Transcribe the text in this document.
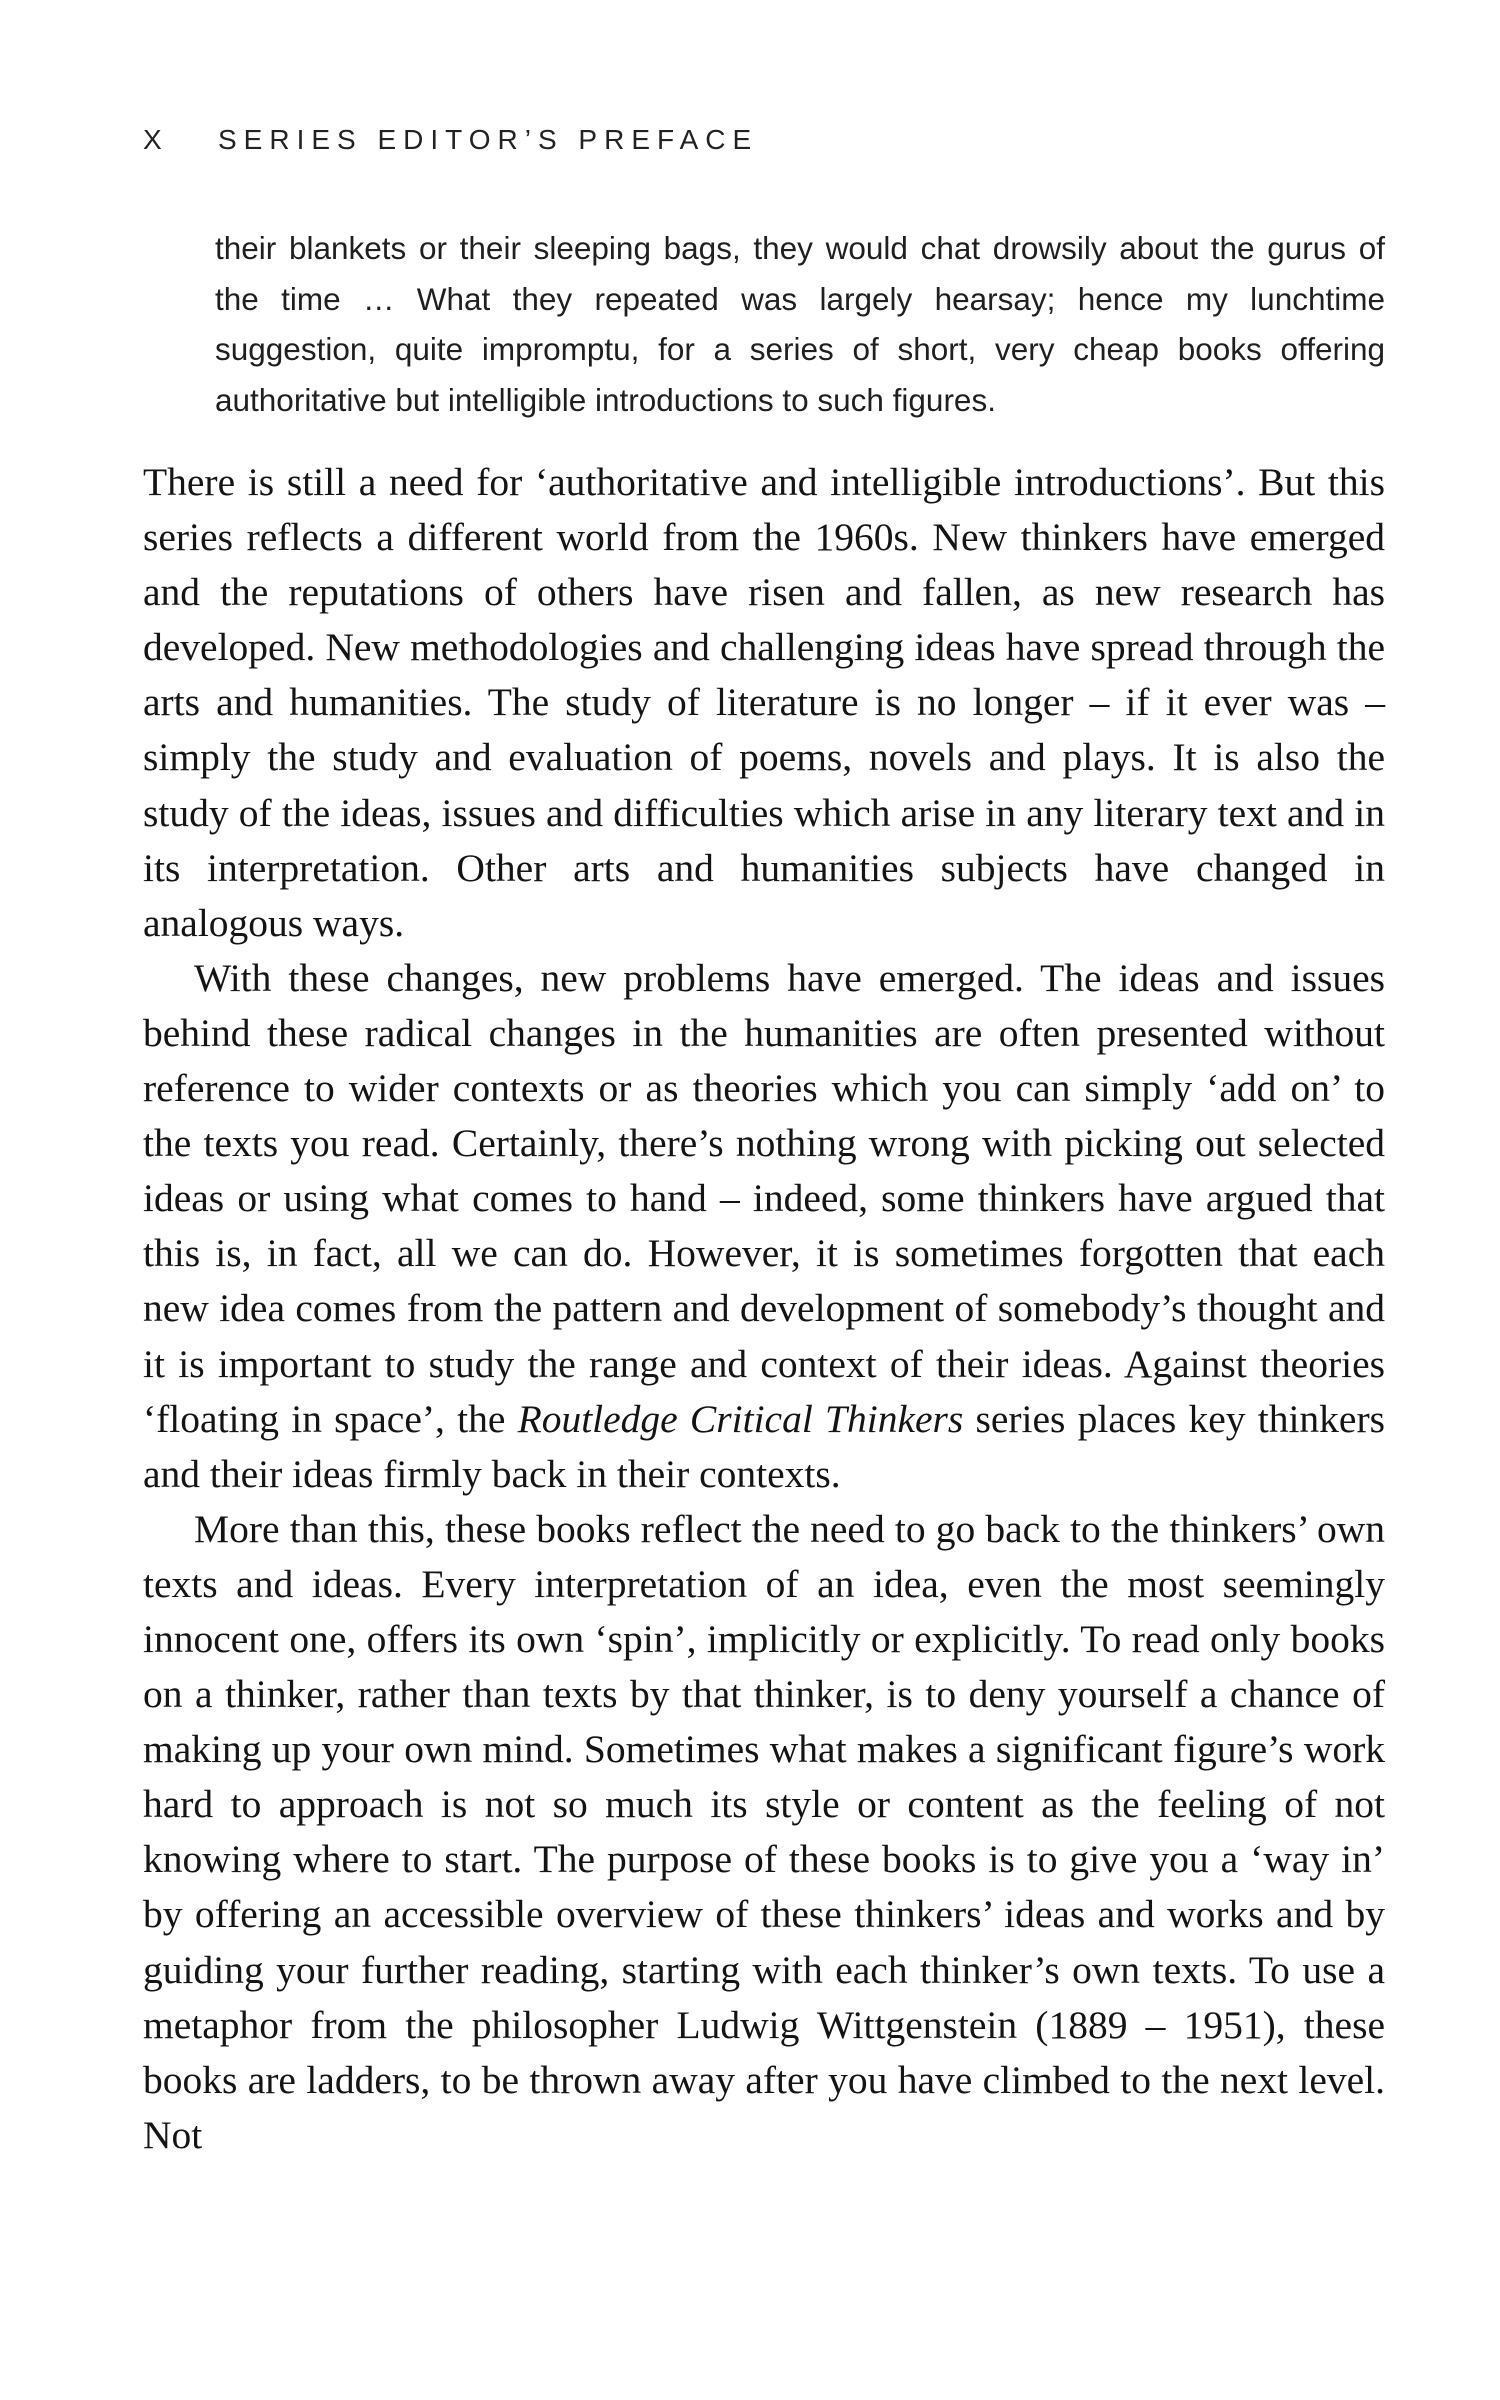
X SERIES EDITOR’S PREFACE

their blankets or their sleeping bags, they would chat drowsily about the gurus of the time … What they repeated was largely hearsay; hence my lunchtime suggestion, quite impromptu, for a series of short, very cheap books offering authoritative but intelligible introductions to such figures.

There is still a need for ‘authoritative and intelligible introductions’. But this series reflects a different world from the 1960s. New thinkers have emerged and the reputations of others have risen and fallen, as new research has developed. New methodologies and challenging ideas have spread through the arts and humanities. The study of literature is no longer – if it ever was – simply the study and evaluation of poems, novels and plays. It is also the study of the ideas, issues and difficulties which arise in any literary text and in its interpretation. Other arts and humanities subjects have changed in analogous ways.

With these changes, new problems have emerged. The ideas and issues behind these radical changes in the humanities are often presented without reference to wider contexts or as theories which you can simply ‘add on’ to the texts you read. Certainly, there’s nothing wrong with picking out selected ideas or using what comes to hand – indeed, some thinkers have argued that this is, in fact, all we can do. However, it is sometimes forgotten that each new idea comes from the pattern and development of somebody’s thought and it is important to study the range and context of their ideas. Against theories ‘floating in space’, the Routledge Critical Thinkers series places key thinkers and their ideas firmly back in their contexts.

More than this, these books reflect the need to go back to the thinkers’ own texts and ideas. Every interpretation of an idea, even the most seemingly innocent one, offers its own ‘spin’, implicitly or explicitly. To read only books on a thinker, rather than texts by that thinker, is to deny yourself a chance of making up your own mind. Sometimes what makes a significant figure’s work hard to approach is not so much its style or content as the feeling of not knowing where to start. The purpose of these books is to give you a ‘way in’ by offering an accessible overview of these thinkers’ ideas and works and by guiding your further reading, starting with each thinker’s own texts. To use a metaphor from the philosopher Ludwig Wittgenstein (1889 – 1951), these books are ladders, to be thrown away after you have climbed to the next level. Not
